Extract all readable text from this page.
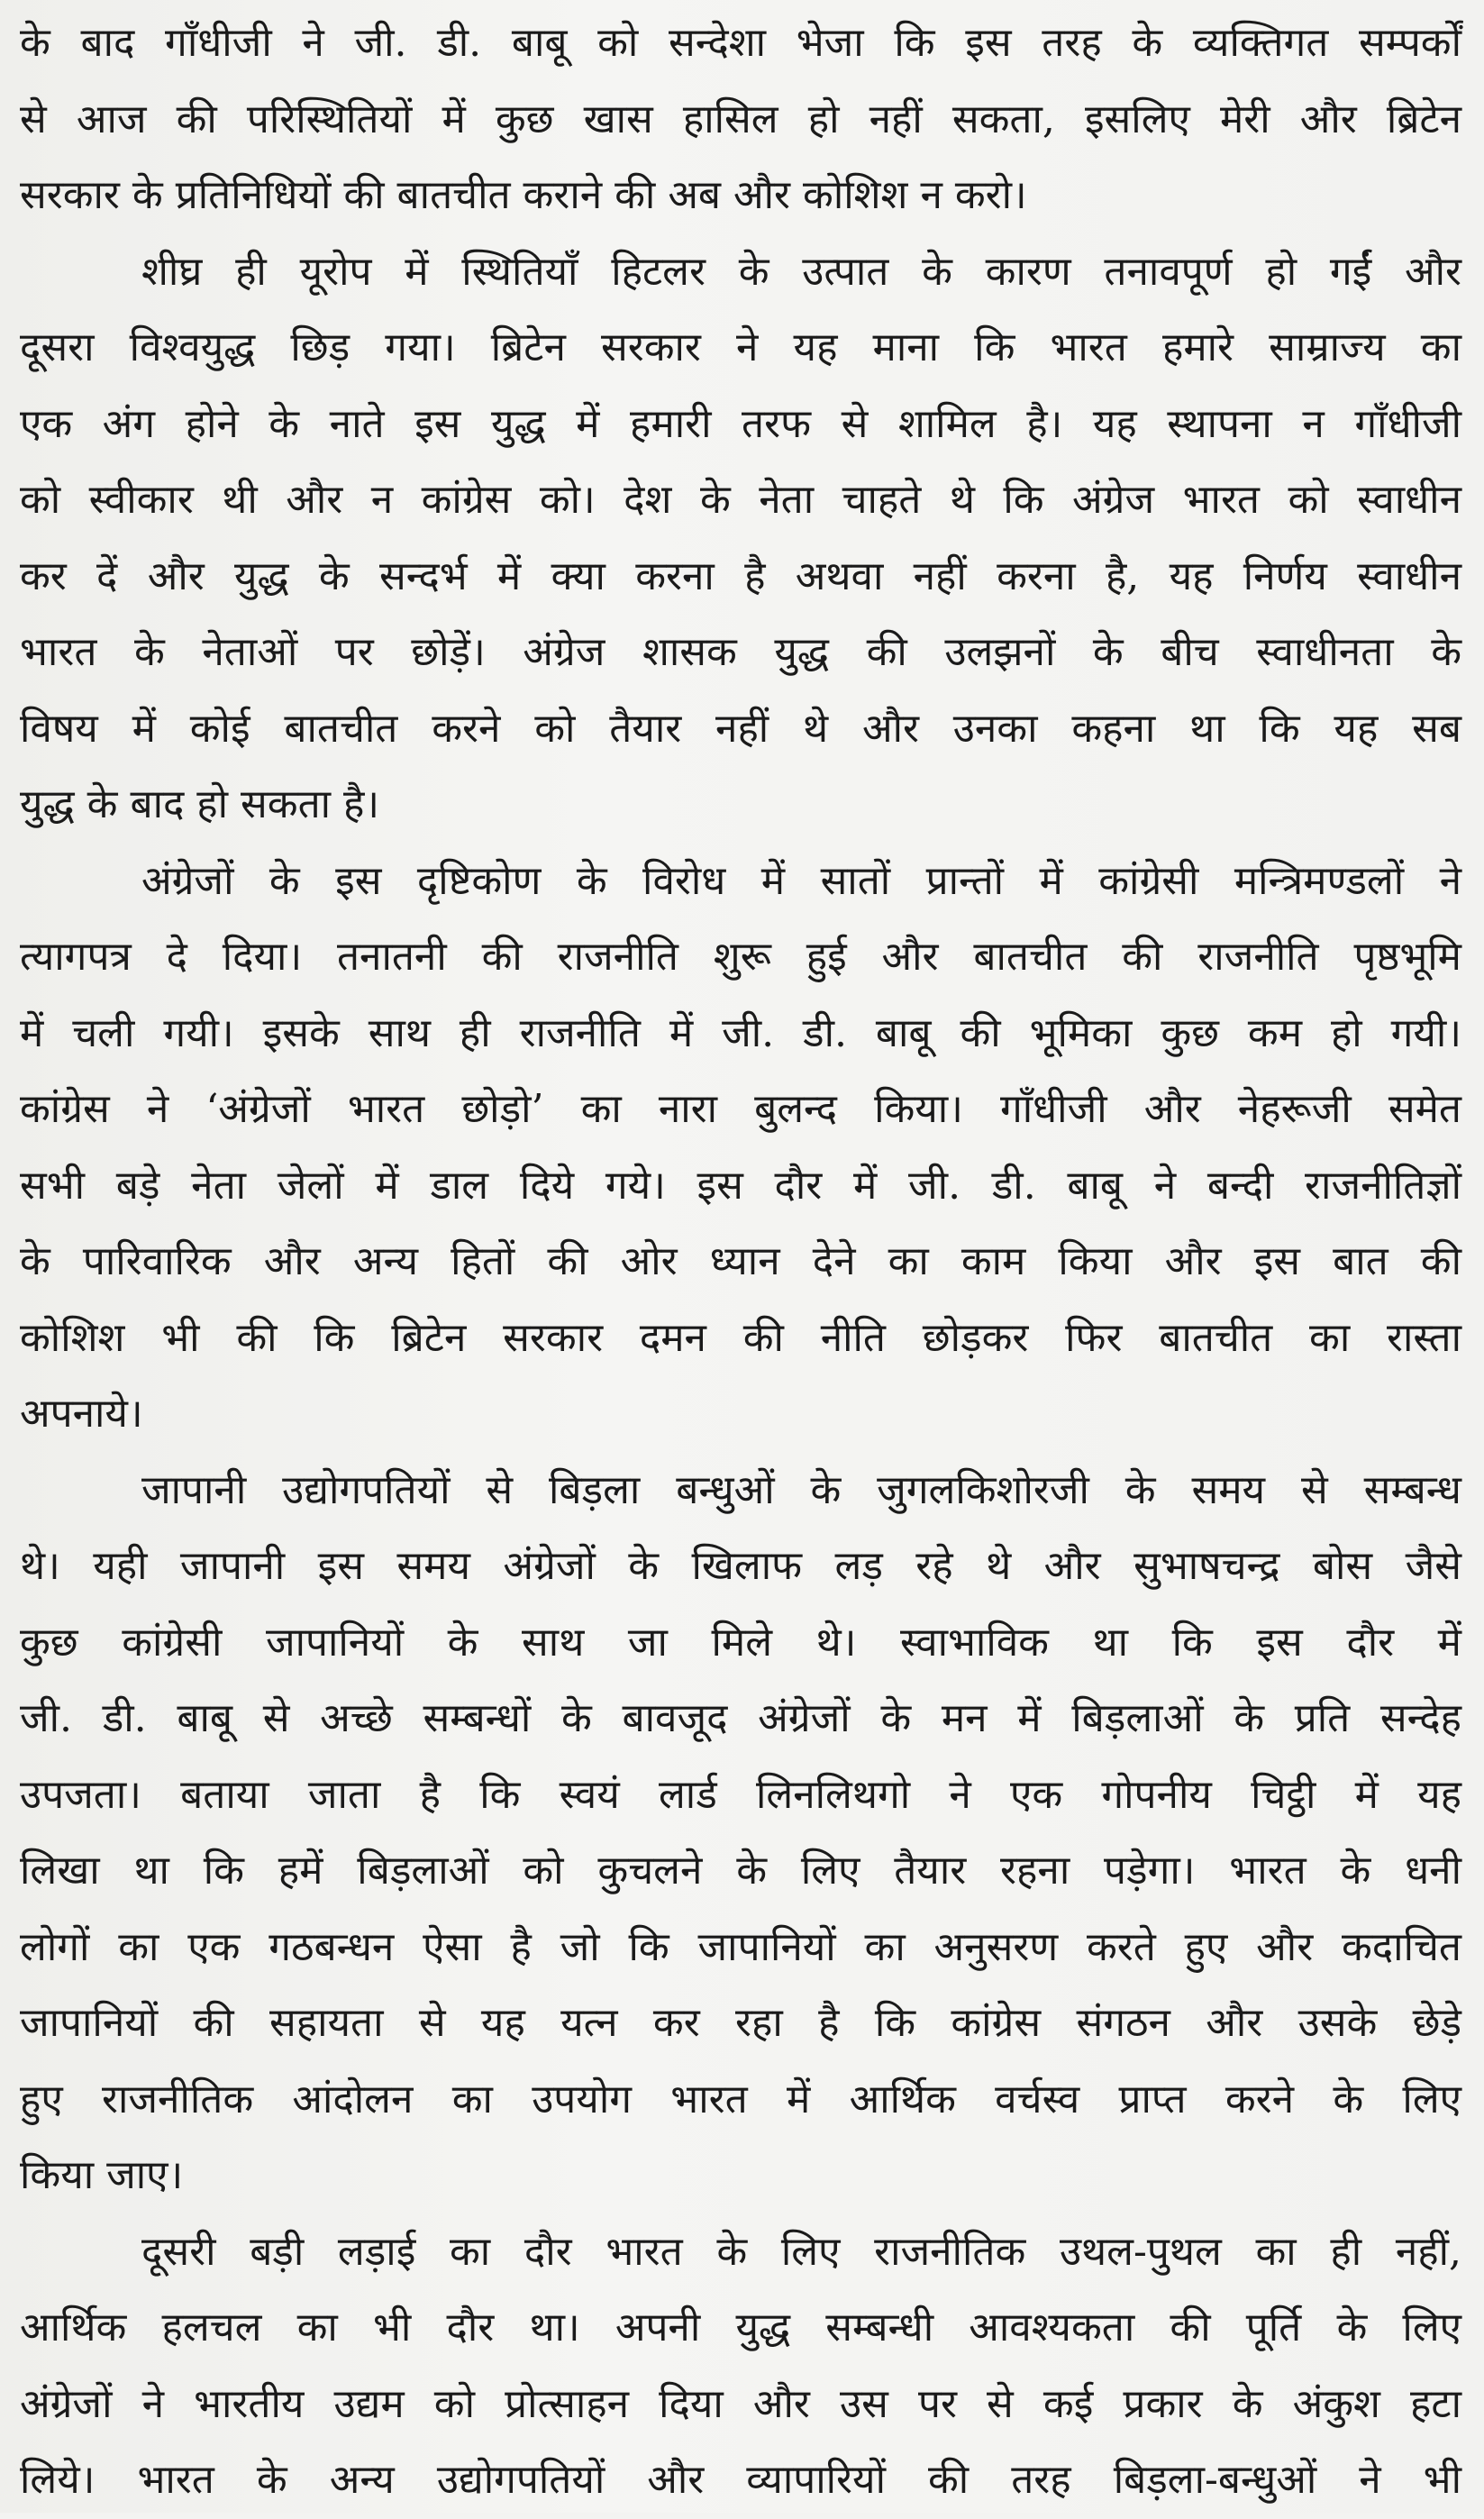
के बाद गाँधीजी ने जी. डी. बाबू को सन्देशा भेजा कि इस तरह के व्यक्तिगत सम्पर्कों
से आज की परिस्थितियों में कुछ खास हासिल हो नहीं सकता, इसलिए मेरी और ब्रिटेन
सरकार के प्रतिनिधियों की बातचीत कराने की अब और कोशिश न करो।
शीघ्र ही यूरोप में स्थितियाँ हिटलर के उत्पात के कारण तनावपूर्ण हो गईं और
दूसरा विश्वयुद्ध छिड़ गया। ब्रिटेन सरकार ने यह माना कि भारत हमारे साम्राज्य का
एक अंग होने के नाते इस युद्ध में हमारी तरफ से शामिल है। यह स्थापना न गाँधीजी
को स्वीकार थी और न कांग्रेस को। देश के नेता चाहते थे कि अंग्रेज भारत को स्वाधीन
कर दें और युद्ध के सन्दर्भ में क्या करना है अथवा नहीं करना है, यह निर्णय स्वाधीन
भारत के नेताओं पर छोड़ें। अंग्रेज शासक युद्ध की उलझनों के बीच स्वाधीनता के
विषय में कोई बातचीत करने को तैयार नहीं थे और उनका कहना था कि यह सब
युद्ध के बाद हो सकता है।
अंग्रेजों के इस दृष्टिकोण के विरोध में सातों प्रान्तों में कांग्रेसी मन्त्रिमण्डलों ने
त्यागपत्र दे दिया। तनातनी की राजनीति शुरू हुई और बातचीत की राजनीति पृष्ठभूमि
में चली गयी। इसके साथ ही राजनीति में जी. डी. बाबू की भूमिका कुछ कम हो गयी।
कांग्रेस ने ‘अंग्रेजों भारत छोड़ो’ का नारा बुलन्द किया। गाँधीजी और नेहरूजी समेत
सभी बड़े नेता जेलों में डाल दिये गये। इस दौर में जी. डी. बाबू ने बन्दी राजनीतिज्ञों
के पारिवारिक और अन्य हितों की ओर ध्यान देने का काम किया और इस बात की
कोशिश भी की कि ब्रिटेन सरकार दमन की नीति छोड़कर फिर बातचीत का रास्ता
अपनाये।
जापानी उद्योगपतियों से बिड़ला बन्धुओं के जुगलकिशोरजी के समय से सम्बन्ध
थे। यही जापानी इस समय अंग्रेजों के खिलाफ लड़ रहे थे और सुभाषचन्द्र बोस जैसे
कुछ कांग्रेसी जापानियों के साथ जा मिले थे। स्वाभाविक था कि इस दौर में
जी. डी. बाबू से अच्छे सम्बन्धों के बावजूद अंग्रेजों के मन में बिड़लाओं के प्रति सन्देह
उपजता। बताया जाता है कि स्वयं लार्ड लिनलिथगो ने एक गोपनीय चिट्ठी में यह
लिखा था कि हमें बिड़लाओं को कुचलने के लिए तैयार रहना पड़ेगा। भारत के धनी
लोगों का एक गठबन्धन ऐसा है जो कि जापानियों का अनुसरण करते हुए और कदाचित
जापानियों की सहायता से यह यत्न कर रहा है कि कांग्रेस संगठन और उसके छेड़े
हुए राजनीतिक आंदोलन का उपयोग भारत में आर्थिक वर्चस्व प्राप्त करने के लिए
किया जाए।
दूसरी बड़ी लड़ाई का दौर भारत के लिए राजनीतिक उथल-पुथल का ही नहीं,
आर्थिक हलचल का भी दौर था। अपनी युद्ध सम्बन्धी आवश्यकता की पूर्ति के लिए
अंग्रेजों ने भारतीय उद्यम को प्रोत्साहन दिया और उस पर से कई प्रकार के अंकुश हटा
लिये। भारत के अन्य उद्योगपतियों और व्यापारियों की तरह बिड़ला-बन्धुओं ने भी
